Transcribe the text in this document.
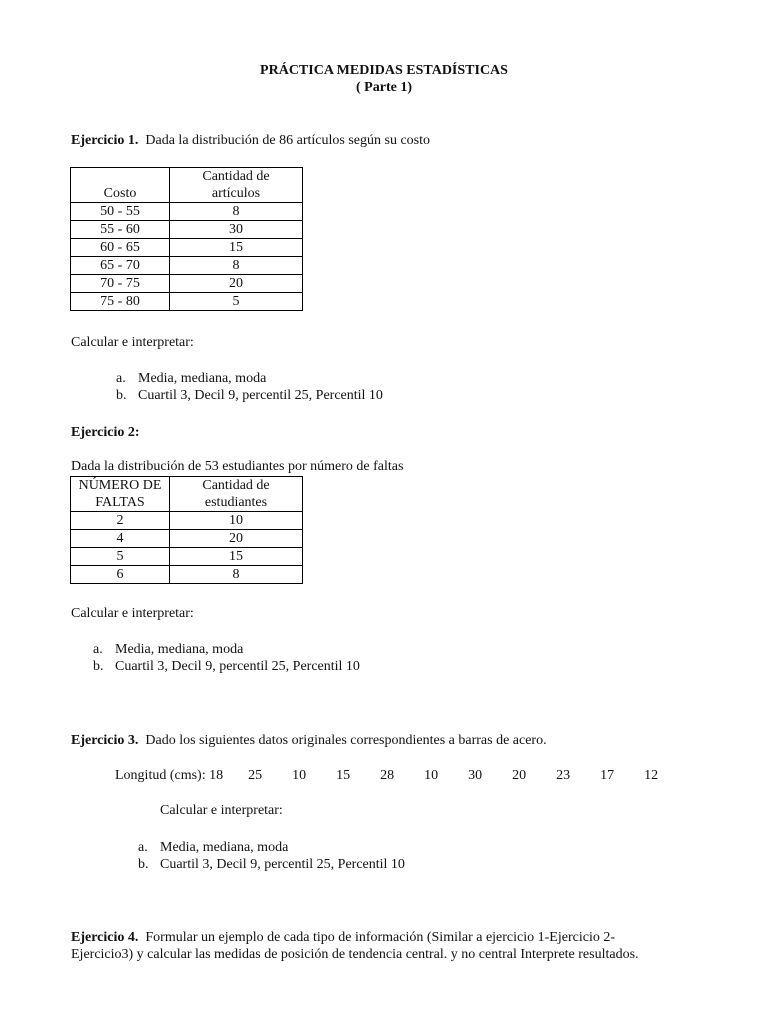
PRÁCTICA MEDIDAS ESTADÍSTICAS
( Parte 1)
Ejercicio 1. Dada la distribución de 86 artículos según su costo
Costo	Cantidad de
artículos
50 - 55	8
55 - 60	30
60 - 65	15
65 - 70	8
70 - 75	20
75 - 80	5
Calcular e interpretar:
a. Media, mediana, moda
b. Cuartil 3, Decil 9, percentil 25, Percentil 10
Ejercicio 2:
Dada la distribución de 53 estudiantes por número de faltas
NÚMERO DE
FALTAS	Cantidad de
estudiantes
2	10
4	20
5	15
6	8
Calcular e interpretar:
a. Media, mediana, moda
b. Cuartil 3, Decil 9, percentil 25, Percentil 10
Ejercicio 3. Dado los siguientes datos originales correspondientes a barras de acero.
Longitud (cms): 18 25 10 15 28 10 30 20 23 17 12
Calcular e interpretar:
a. Media, mediana, moda
b. Cuartil 3, Decil 9, percentil 25, Percentil 10
Ejercicio 4. Formular un ejemplo de cada tipo de información (Similar a ejercicio 1-Ejercicio 2-
Ejercicio3) y calcular las medidas de posición de tendencia central. y no central Interprete resultados.
